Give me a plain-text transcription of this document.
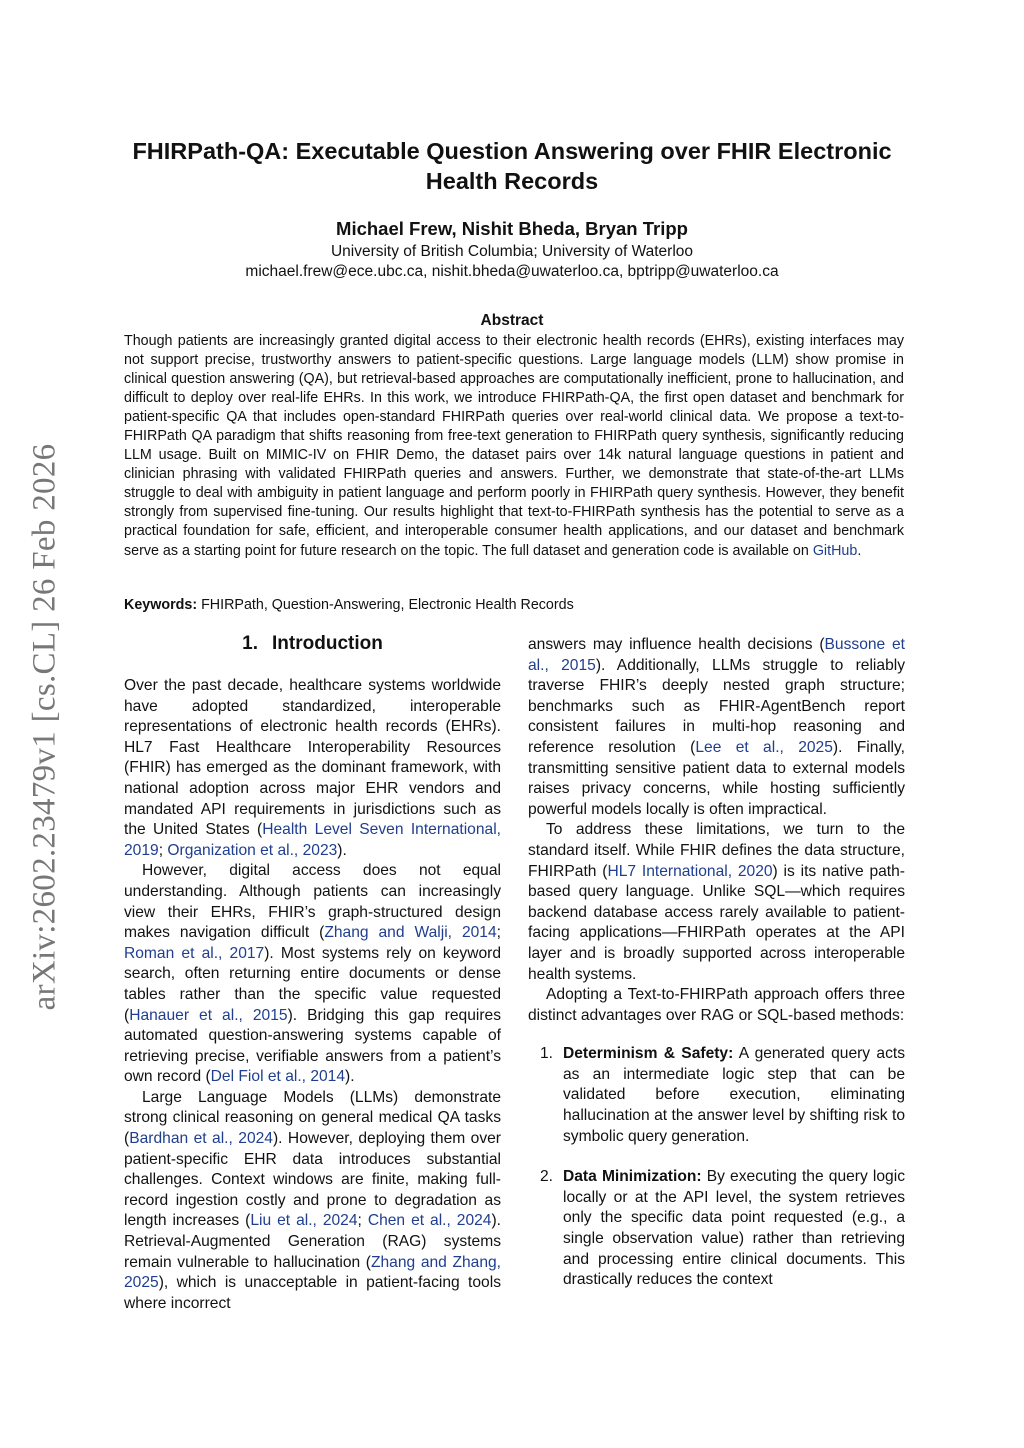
arXiv:2602.23479v1 [cs.CL] 26 Feb 2026
FHIRPath-QA: Executable Question Answering over FHIR Electronic Health Records
Michael Frew, Nishit Bheda, Bryan Tripp
University of British Columbia; University of Waterloo
michael.frew@ece.ubc.ca, nishit.bheda@uwaterloo.ca, bptripp@uwaterloo.ca
Abstract

Though patients are increasingly granted digital access to their electronic health records (EHRs), existing interfaces may not support precise, trustworthy answers to patient-specific questions. Large language models (LLM) show promise in clinical question answering (QA), but retrieval-based approaches are computationally inefficient, prone to hallucination, and difficult to deploy over real-life EHRs. In this work, we introduce FHIRPath-QA, the first open dataset and benchmark for patient-specific QA that includes open-standard FHIRPath queries over real-world clinical data. We propose a text-to-FHIRPath QA paradigm that shifts reasoning from free-text generation to FHIRPath query synthesis, significantly reducing LLM usage. Built on MIMIC-IV on FHIR Demo, the dataset pairs over 14k natural language questions in patient and clinician phrasing with validated FHIRPath queries and answers. Further, we demonstrate that state-of-the-art LLMs struggle to deal with ambiguity in patient language and perform poorly in FHIRPath query synthesis. However, they benefit strongly from supervised fine-tuning. Our results highlight that text-to-FHIRPath synthesis has the potential to serve as a practical foundation for safe, efficient, and interoperable consumer health applications, and our dataset and benchmark serve as a starting point for future research on the topic. The full dataset and generation code is available on GitHub.

Keywords: FHIRPath, Question-Answering, Electronic Health Records
1. Introduction

Over the past decade, healthcare systems worldwide have adopted standardized, interoperable representations of electronic health records (EHRs). HL7 Fast Healthcare Interoperability Resources (FHIR) has emerged as the dominant framework, with national adoption across major EHR vendors and mandated API requirements in jurisdictions such as the United States (Health Level Seven International, 2019; Organization et al., 2023).

However, digital access does not equal understanding. Although patients can increasingly view their EHRs, FHIR’s graph-structured design makes navigation difficult (Zhang and Walji, 2014; Roman et al., 2017). Most systems rely on keyword search, often returning entire documents or dense tables rather than the specific value requested (Hanauer et al., 2015). Bridging this gap requires automated question-answering systems capable of retrieving precise, verifiable answers from a patient’s own record (Del Fiol et al., 2014).

Large Language Models (LLMs) demonstrate strong clinical reasoning on general medical QA tasks (Bardhan et al., 2024). However, deploying them over patient-specific EHR data introduces substantial challenges. Context windows are finite, making full-record ingestion costly and prone to degradation as length increases (Liu et al., 2024; Chen et al., 2024). Retrieval-Augmented Generation (RAG) systems remain vulnerable to hallucination (Zhang and Zhang, 2025), which is unacceptable in patient-facing tools where incorrect

answers may influence health decisions (Bussone et al., 2015). Additionally, LLMs struggle to reliably traverse FHIR’s deeply nested graph structure; benchmarks such as FHIR-AgentBench report consistent failures in multi-hop reasoning and reference resolution (Lee et al., 2025). Finally, transmitting sensitive patient data to external models raises privacy concerns, while hosting sufficiently powerful models locally is often impractical.

To address these limitations, we turn to the standard itself. While FHIR defines the data structure, FHIRPath (HL7 International, 2020) is its native path-based query language. Unlike SQL—which requires backend database access rarely available to patient-facing applications—FHIRPath operates at the API layer and is broadly supported across interoperable health systems.

Adopting a Text-to-FHIRPath approach offers three distinct advantages over RAG or SQL-based methods:

1. Determinism & Safety: A generated query acts as an intermediate logic step that can be validated before execution, eliminating hallucination at the answer level by shifting risk to symbolic query generation.
2. Data Minimization: By executing the query logic locally or at the API level, the system retrieves only the specific data point requested (e.g., a single observation value) rather than retrieving and processing entire clinical documents. This drastically reduces the context
